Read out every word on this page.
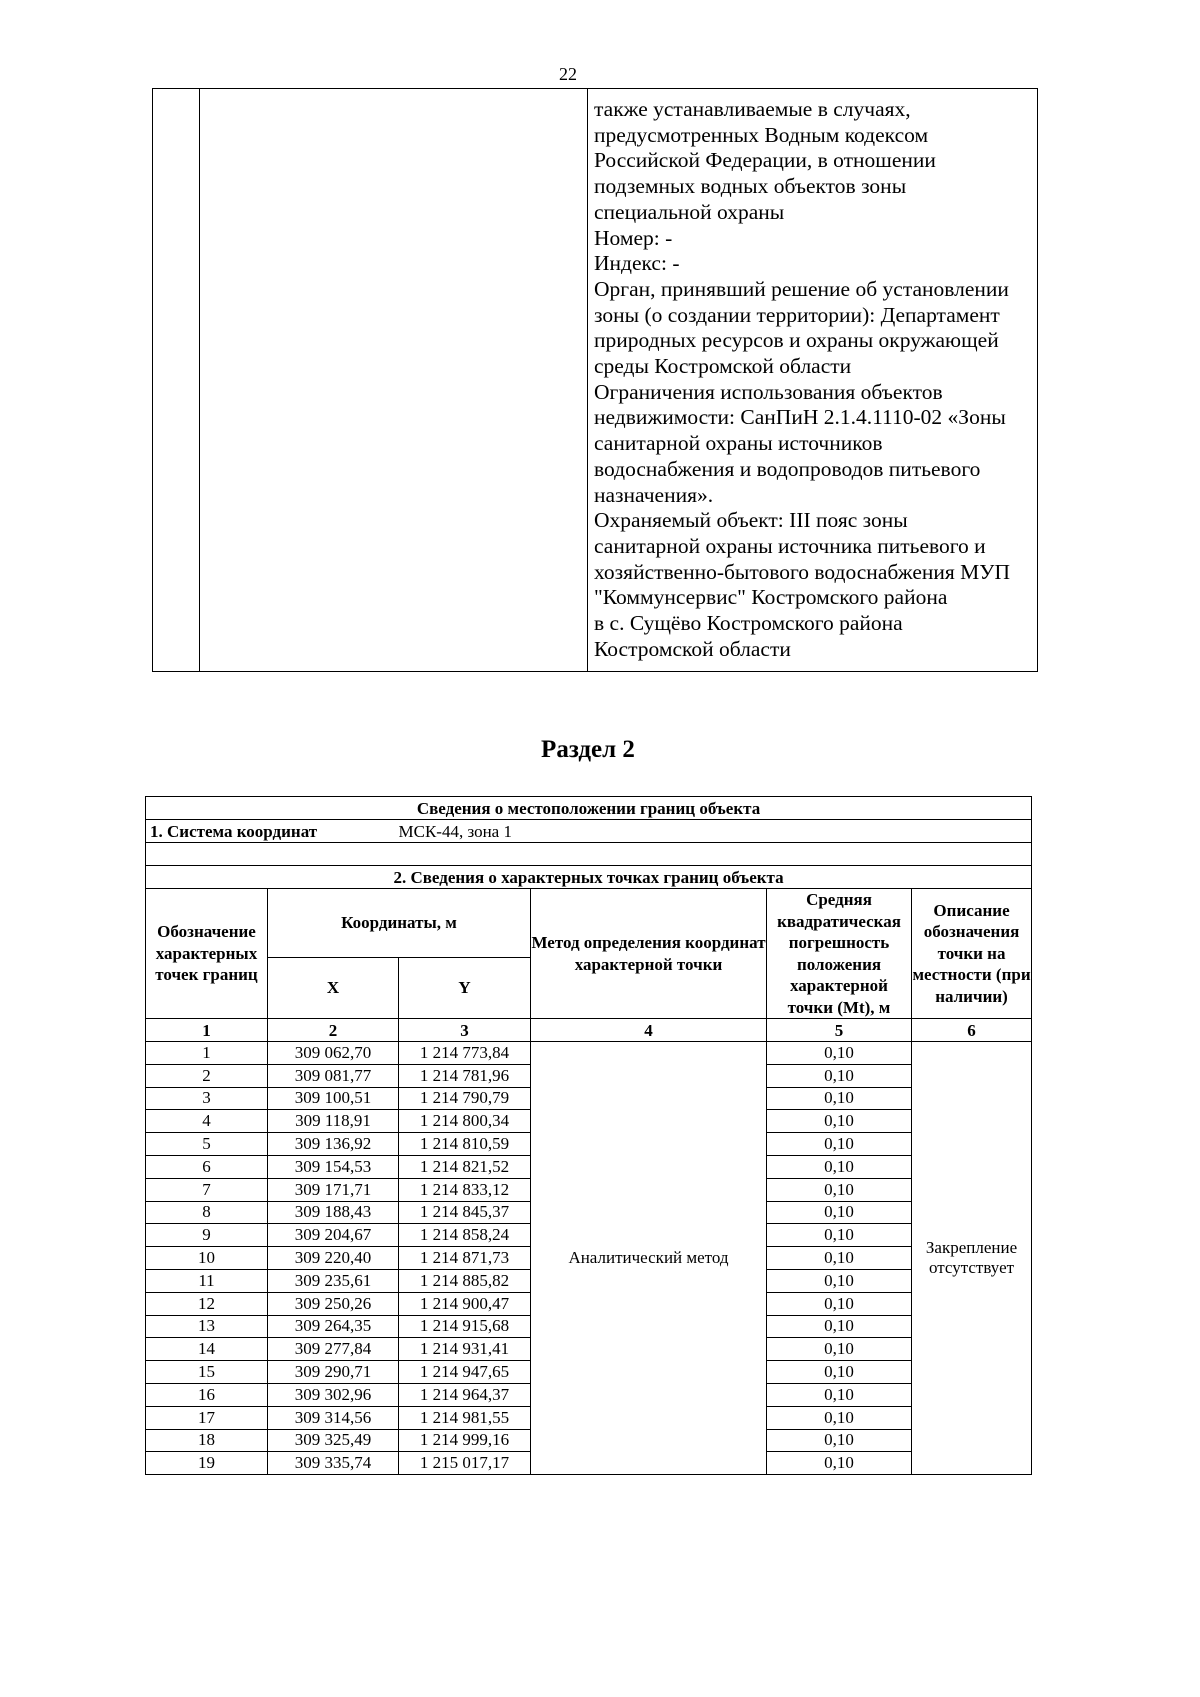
22

также устанавливаемые в случаях,
предусмотренных Водным кодексом
Российской Федерации, в отношении
подземных водных объектов зоны
специальной охраны
Номер: -
Индекс: -
Орган, принявший решение об установлении
зоны (о создании территории): Департамент
природных ресурсов и охраны окружающей
среды Костромской области
Ограничения использования объектов
недвижимости: СанПиН 2.1.4.1110-02 «Зоны
санитарной охраны источников
водоснабжения и водопроводов питьевого
назначения».
Охраняемый объект: III пояс зоны
санитарной охраны источника питьевого и
хозяйственно-бытового водоснабжения МУП
"Коммунсервис" Костромского района
в с. Сущёво Костромского района
Костромской области
Раздел 2
Сведения о местоположении границ объекта					
1. Система координат		МСК-44, зона 1			

2. Сведения о характерных точках границ объекта					
Обозначение характерных точек границ	Координаты, м		Метод определения координат характерной точки	Средняя квадратическая погрешность положения характерной точки (Mt), м	Описание обозначения точки на местности (при наличии)
	X	Y			
1	2	3	4	5	6
1	309 062,70	1 214 773,84	Аналитический метод	0,10	Закрепление отсутствует
2	309 081,77	1 214 781,96		0,10	
3	309 100,51	1 214 790,79		0,10	
4	309 118,91	1 214 800,34		0,10	
5	309 136,92	1 214 810,59		0,10	
6	309 154,53	1 214 821,52		0,10	
7	309 171,71	1 214 833,12		0,10	
8	309 188,43	1 214 845,37		0,10	
9	309 204,67	1 214 858,24		0,10	
10	309 220,40	1 214 871,73		0,10	
11	309 235,61	1 214 885,82		0,10	
12	309 250,26	1 214 900,47		0,10	
13	309 264,35	1 214 915,68		0,10	
14	309 277,84	1 214 931,41		0,10	
15	309 290,71	1 214 947,65		0,10	
16	309 302,96	1 214 964,37		0,10	
17	309 314,56	1 214 981,55		0,10	
18	309 325,49	1 214 999,16		0,10	
19	309 335,74	1 215 017,17		0,10	
